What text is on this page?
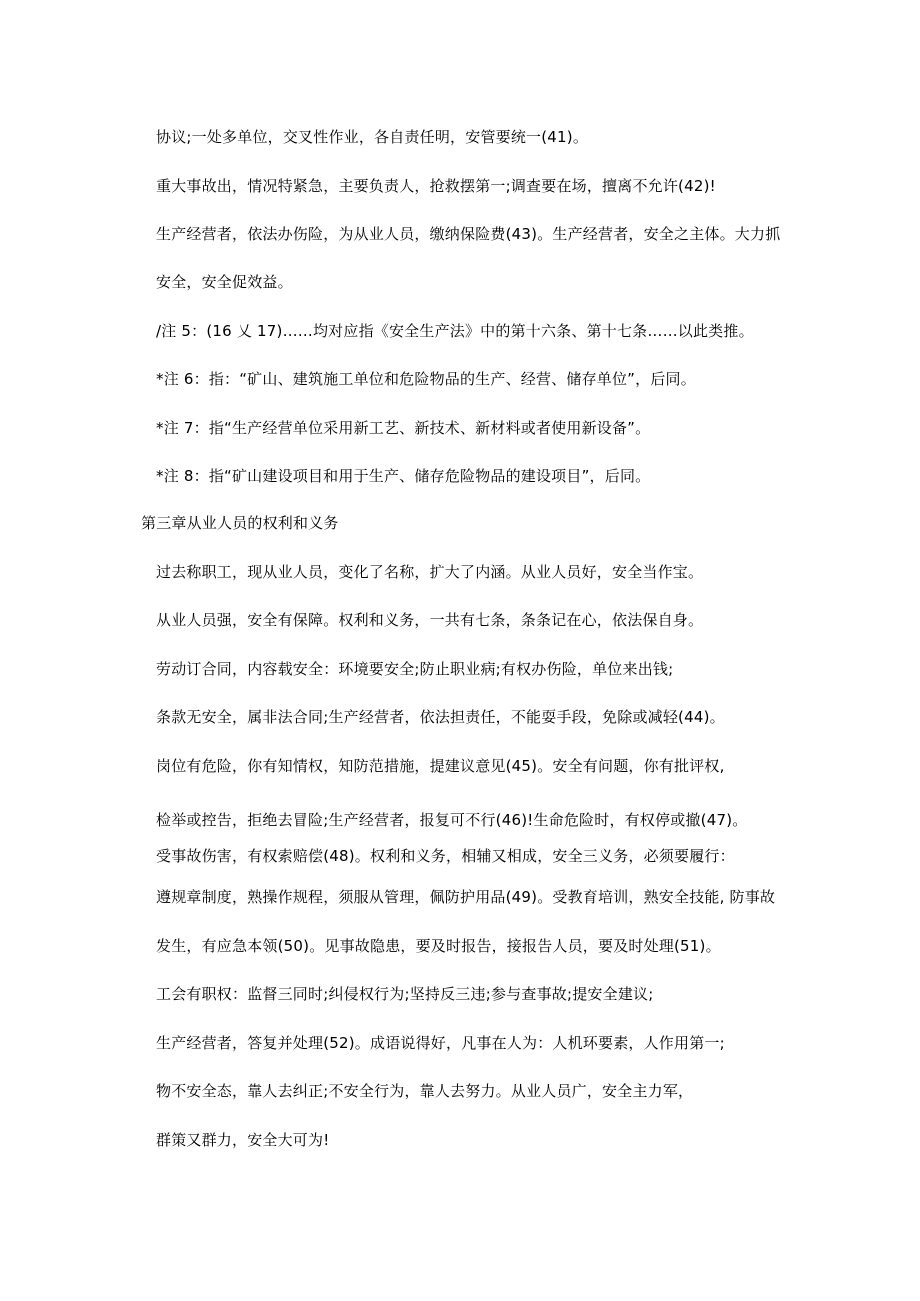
协议;一处多单位，交叉性作业，各自责任明，安管要统一(41)。
重大事故出，情况特紧急，主要负责人，抢救摆第一;调查要在场，擅离不允许(42)!
生产经营者，依法办伤险，为从业人员，缴纳保险费(43)。生产经营者，安全之主体。大力抓
安全，安全促效益。
/注 5：(16 乂 17)……均对应指《安全生产法》中的第十六条、第十七条……以此类推。
*注 6：指：“矿山、建筑施工单位和危险物品的生产、经营、储存单位”，后同。
*注 7：指“生产经营单位采用新工艺、新技术、新材料或者使用新设备”。
*注 8：指“矿山建设项目和用于生产、储存危险物品的建设项目”，后同。
第三章从业人员的权利和义务
过去称职工，现从业人员，变化了名称，扩大了内涵。从业人员好，安全当作宝。
从业人员强，安全有保障。权利和义务，一共有七条，条条记在心，依法保自身。
劳动订合同，内容载安全：环境要安全;防止职业病;有权办伤险，单位来出钱;
条款无安全，属非法合同;生产经营者，依法担责任，不能耍手段，免除或减轻(44)。
岗位有危险，你有知情权，知防范措施，提建议意见(45)。安全有问题，你有批评权,
检举或控告，拒绝去冒险;生产经营者，报复可不行(46)!生命危险时，有权停或撤(47)。
受事故伤害，有权索赔偿(48)。权利和义务，相辅又相成，安全三义务，必须要履行：
遵规章制度，熟操作规程，须服从管理，佩防护用品(49)。受教育培训，熟安全技能, 防事故
发生，有应急本领(50)。见事故隐患，要及时报告，接报告人员，要及时处理(51)。
工会有职权：监督三同时;纠侵权行为;坚持反三违;参与查事故;提安全建议;
生产经营者，答复并处理(52)。成语说得好，凡事在人为：人机环要素，人作用第一;
物不安全态，靠人去纠正;不安全行为，靠人去努力。从业人员广，安全主力军，
群策又群力，安全大可为!
